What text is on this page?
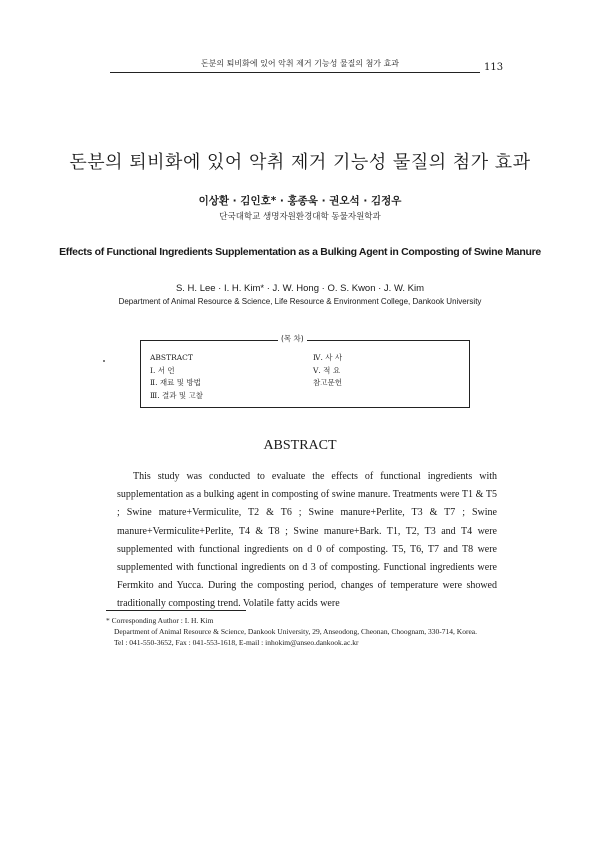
돈분의 퇴비화에 있어 악취 제거 기능성 물질의 첨가 효과	113
돈분의 퇴비화에 있어 악취 제거 기능성 물질의 첨가 효과
이상환 · 김인호* · 홍종욱 · 권오석 · 김정우
단국대학교 생명자원환경대학 동물자원학과
Effects of Functional Ingredients Supplementation as a Bulking Agent in Composting of Swine Manure
S. H. Lee · I. H. Kim* · J. W. Hong · O. S. Kwon · J. W. Kim
Department of Animal Resource & Science, Life Resource & Environment College, Dankook University
(목 차)
ABSTRACT
Ⅰ. 서 언
Ⅱ. 재료 및 방법
Ⅲ. 결과 및 고찰
Ⅳ. 사 사
Ⅴ. 적 요
참고문헌
ABSTRACT

This study was conducted to evaluate the effects of functional ingredients with supplementation as a bulking agent in composting of swine manure. Treatments were T1 & T5 ; Swine mature+Vermiculite, T2 & T6 ; Swine manure+Perlite, T3 & T7 ; Swine manure+Vermiculite+Perlite, T4 & T8 ; Swine manure+Bark. T1, T2, T3 and T4 were supplemented with functional ingredients on d 0 of composting. T5, T6, T7 and T8 were supplemented with functional ingredients on d 3 of composting. Functional ingredients were Fermkito and Yucca. During the composting period, changes of temperature were showed traditionally composting trend. Volatile fatty acids were

* Corresponding Author : I. H. Kim
Department of Animal Resource & Science, Dankook University, 29, Anseodong, Cheonan, Choognam, 330-714, Korea.
Tel : 041-550-3652, Fax : 041-553-1618, E-mail : inhokim@anseo.dankook.ac.kr
